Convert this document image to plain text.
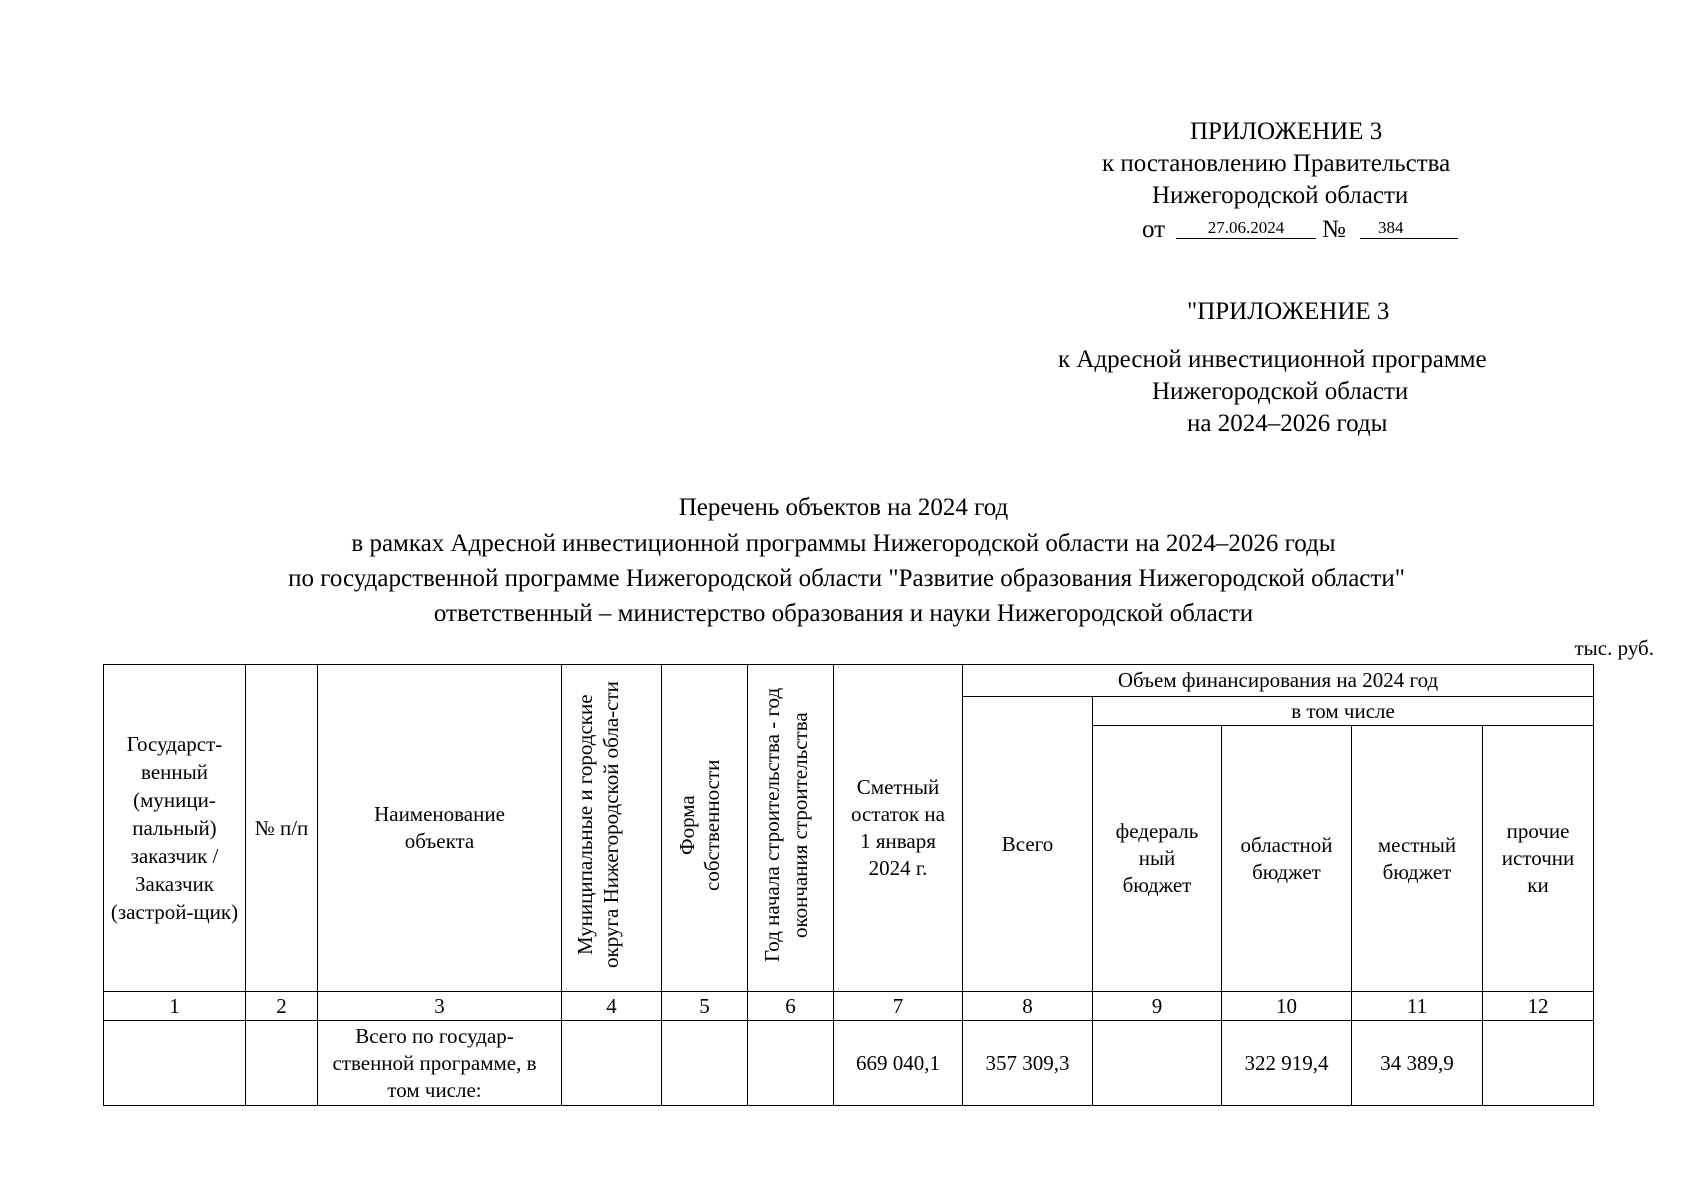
ПРИЛОЖЕНИЕ 3
к постановлению Правительства
Нижегородской области
от	27.06.2024	№	384
"ПРИЛОЖЕНИЕ 3
к Адресной инвестиционной программе
Нижегородской области
на 2024–2026 годы
Перечень объектов на 2024 год
в рамках Адресной инвестиционной программы Нижегородской области на 2024–2026 годы
по государственной программе Нижегородской области "Развитие образования Нижегородской области"
ответственный – министерство образования и науки Нижегородской области
тыс. руб.
Государст-венный (муници-пальный) заказчик / Заказчик (застрой-щик)	№ п/п	Наименование объекта	Муниципальные и городские округа Нижегородской обла-сти	Форма собственности	Год начала строительства - год окончания строительства	Сметный остаток на 1 января 2024 г.	Объем финансирования на 2024 год				
							Всего	в том числе			

								федераль ный бюджет	областной бюджет	местный бюджет	прочие источни ки

1	2	3	4	5	6	7	8	9	10	11	12

		Всего по государ-ственной программе, в том числе:				669 040,1	357 309,3		322 919,4	34 389,9	
